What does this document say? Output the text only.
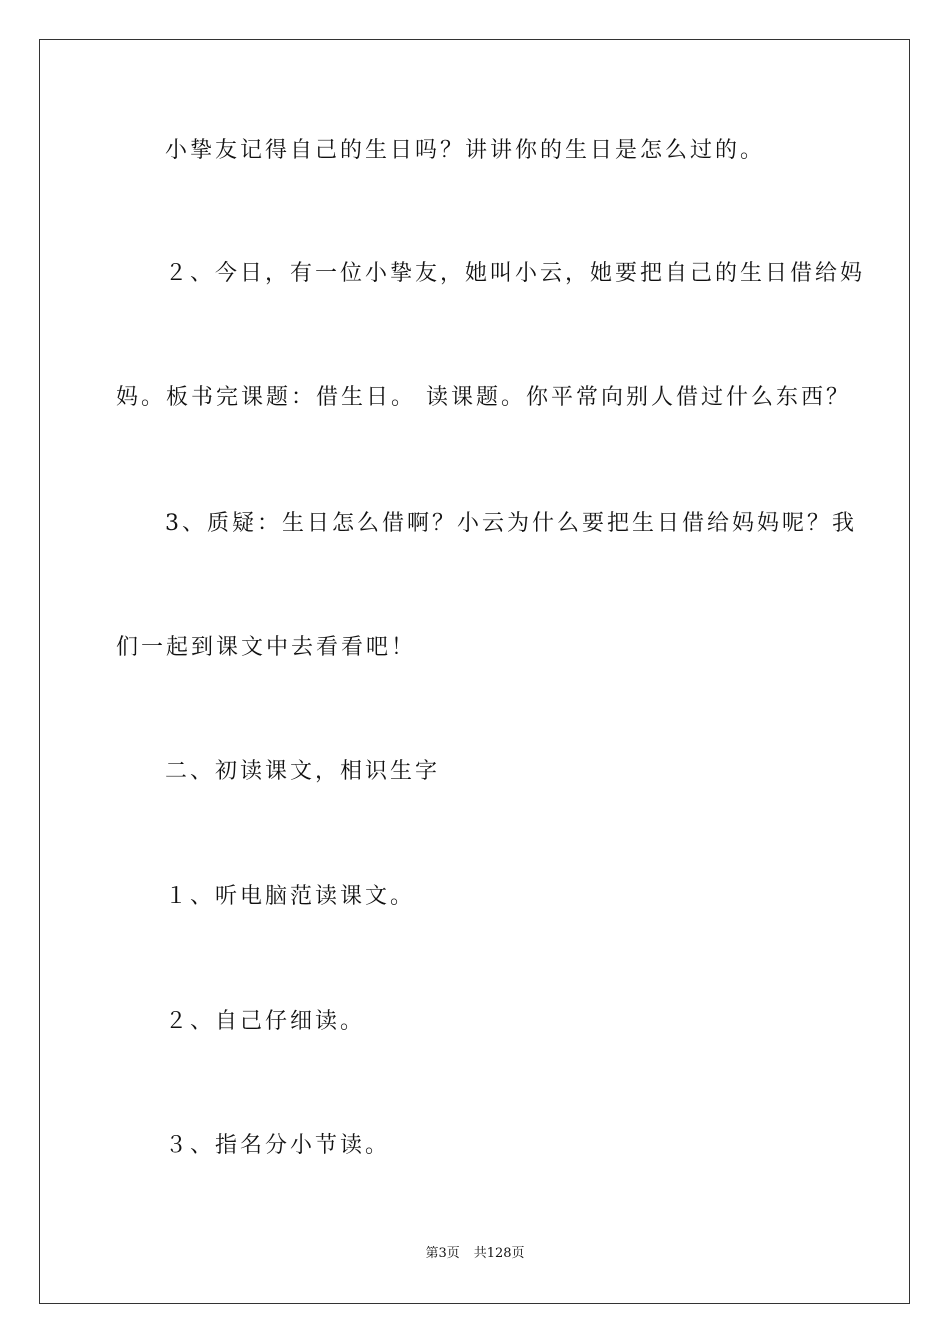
小挚友记得自己的生日吗？讲讲你的生日是怎么过的。
２、今日，有一位小挚友，她叫小云，她要把自己的生日借给妈
妈。板书完课题：借生日。 读课题。你平常向别人借过什么东西？
3、质疑：生日怎么借啊？小云为什么要把生日借给妈妈呢？我
们一起到课文中去看看吧！
二、初读课文，相识生字
１、听电脑范读课文。
２、自己仔细读。
３、指名分小节读。
第3页 共128页
